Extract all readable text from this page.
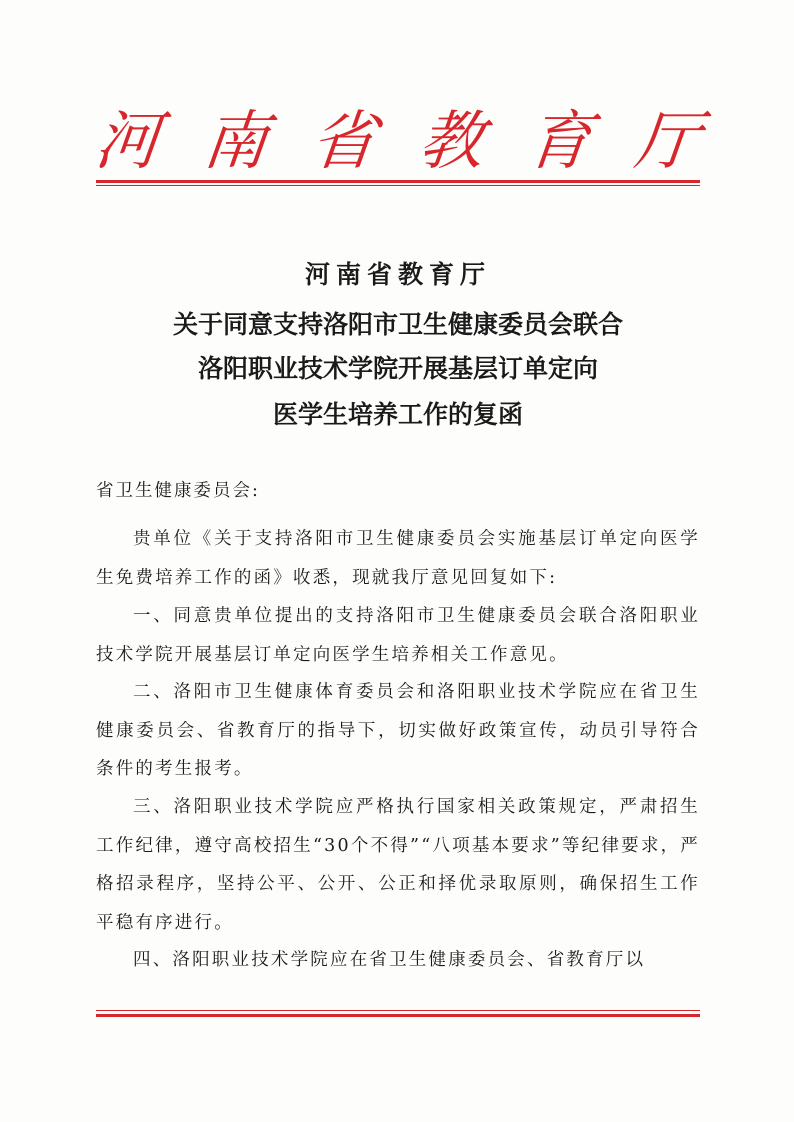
河 南 省 教 育 厅
河南省教育厅
关于同意支持洛阳市卫生健康委员会联合
洛阳职业技术学院开展基层订单定向
医学生培养工作的复函
省卫生健康委员会:
贵单位《关于支持洛阳市卫生健康委员会实施基层订单定向医学生免费培养工作的函》收悉，现就我厅意见回复如下:
一、同意贵单位提出的支持洛阳市卫生健康委员会联合洛阳职业技术学院开展基层订单定向医学生培养相关工作意见。
二、洛阳市卫生健康体育委员会和洛阳职业技术学院应在省卫生健康委员会、省教育厅的指导下，切实做好政策宣传，动员引导符合条件的考生报考。
三、洛阳职业技术学院应严格执行国家相关政策规定，严肃招生工作纪律，遵守高校招生“30个不得”“八项基本要求”等纪律要求，严格招录程序，坚持公平、公开、公正和择优录取原则，确保招生工作平稳有序进行。
四、洛阳职业技术学院应在省卫生健康委员会、省教育厅以
